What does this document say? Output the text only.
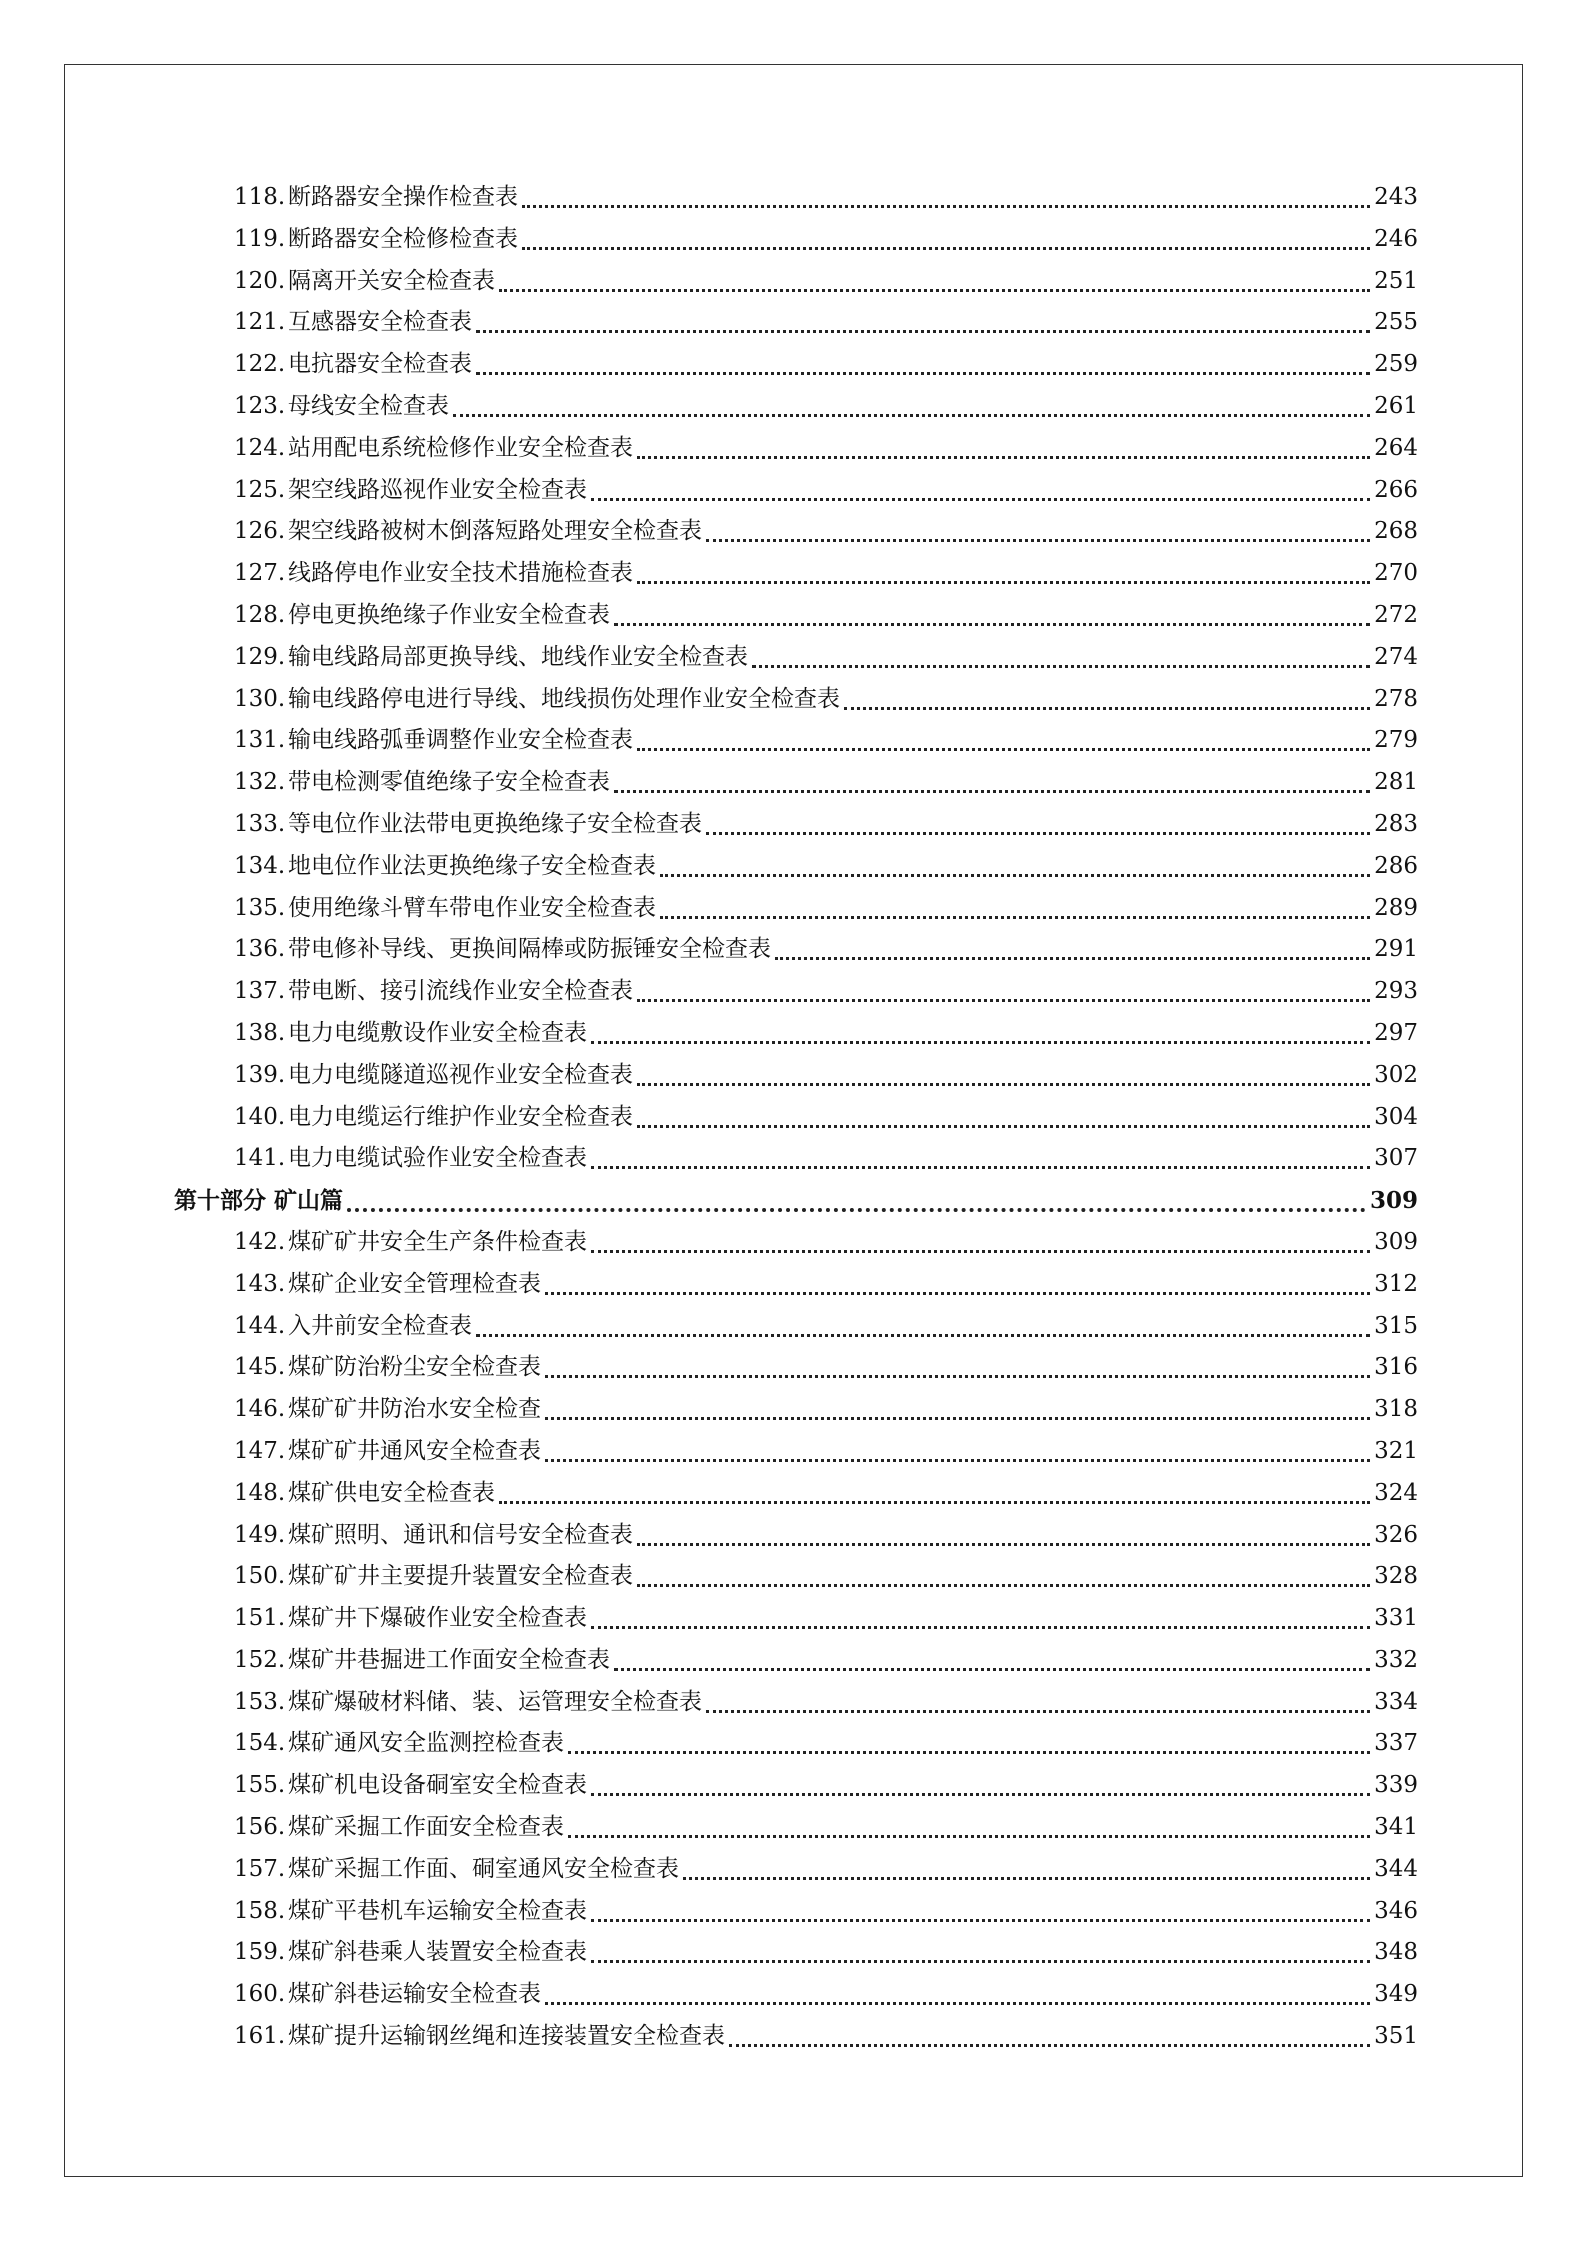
118. 断路器安全操作检查表	243
119. 断路器安全检修检查表	246
120. 隔离开关安全检查表	251
121. 互感器安全检查表	255
122. 电抗器安全检查表	259
123. 母线安全检查表	261
124. 站用配电系统检修作业安全检查表	264
125. 架空线路巡视作业安全检查表	266
126. 架空线路被树木倒落短路处理安全检查表	268
127. 线路停电作业安全技术措施检查表	270
128. 停电更换绝缘子作业安全检查表	272
129. 输电线路局部更换导线、地线作业安全检查表	274
130. 输电线路停电进行导线、地线损伤处理作业安全检查表	278
131. 输电线路弧垂调整作业安全检查表	279
132. 带电检测零值绝缘子安全检查表	281
133. 等电位作业法带电更换绝缘子安全检查表	283
134. 地电位作业法更换绝缘子安全检查表	286
135. 使用绝缘斗臂车带电作业安全检查表	289
136. 带电修补导线、更换间隔棒或防振锤安全检查表	291
137. 带电断、接引流线作业安全检查表	293
138. 电力电缆敷设作业安全检查表	297
139. 电力电缆隧道巡视作业安全检查表	302
140. 电力电缆运行维护作业安全检查表	304
141. 电力电缆试验作业安全检查表	307
第十部分 矿山篇	309
142. 煤矿矿井安全生产条件检查表	309
143. 煤矿企业安全管理检查表	312
144. 入井前安全检查表	315
145. 煤矿防治粉尘安全检查表	316
146. 煤矿矿井防治水安全检查	318
147. 煤矿矿井通风安全检查表	321
148. 煤矿供电安全检查表	324
149. 煤矿照明、通讯和信号安全检查表	326
150. 煤矿矿井主要提升装置安全检查表	328
151. 煤矿井下爆破作业安全检查表	331
152. 煤矿井巷掘进工作面安全检查表	332
153. 煤矿爆破材料储、装、运管理安全检查表	334
154. 煤矿通风安全监测控检查表	337
155. 煤矿机电设备硐室安全检查表	339
156. 煤矿采掘工作面安全检查表	341
157. 煤矿采掘工作面、硐室通风安全检查表	344
158. 煤矿平巷机车运输安全检查表	346
159. 煤矿斜巷乘人装置安全检查表	348
160. 煤矿斜巷运输安全检查表	349
161. 煤矿提升运输钢丝绳和连接装置安全检查表	351
